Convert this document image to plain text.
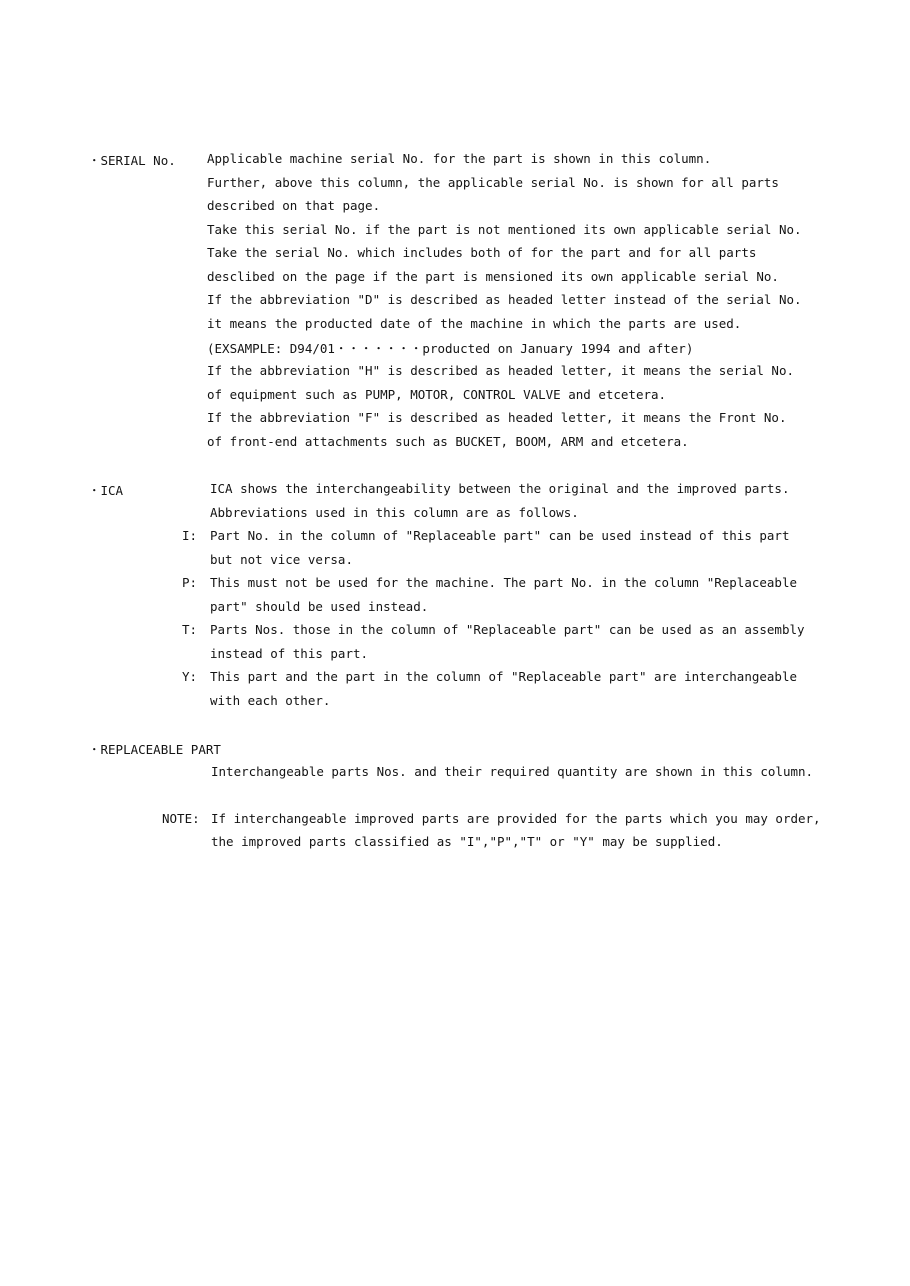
・SERIAL No. Applicable machine serial No. for the part is shown in this column.
Further, above this column, the applicable serial No. is shown for all parts
described on that page.
Take this serial No. if the part is not mentioned its own applicable serial No.
Take the serial No. which includes both of for the part and for all parts
desclibed on the page if the part is mensioned its own applicable serial No.
If the abbreviation "D" is described as headed letter instead of the serial No.
it means the producted date of the machine in which the parts are used.
(EXSAMPLE: D94/01・・・・・・・producted on January 1994 and after)
If the abbreviation "H" is described as headed letter, it means the serial No.
of equipment such as PUMP, MOTOR, CONTROL VALVE and etcetera.
If the abbreviation "F" is described as headed letter, it means the Front No.
of front-end attachments such as BUCKET, BOOM, ARM and etcetera.
・ICA	ICA shows the interchangeability between the original and the improved parts.
Abbreviations used in this column are as follows.
I: Part No. in the column of "Replaceable part" can be used instead of this part
but not vice versa.
P: This must not be used for the machine. The part No. in the column "Replaceable
part" should be used instead.
T: Parts Nos. those in the column of "Replaceable part" can be used as an assembly
instead of this part.
Y: This part and the part in the column of "Replaceable part" are interchangeable
with each other.
・REPLACEABLE PART
Interchangeable parts Nos. and their required quantity are shown in this column.
NOTE: If interchangeable improved parts are provided for the parts which you may order,
the improved parts classified as "I","P","T" or "Y" may be supplied.
